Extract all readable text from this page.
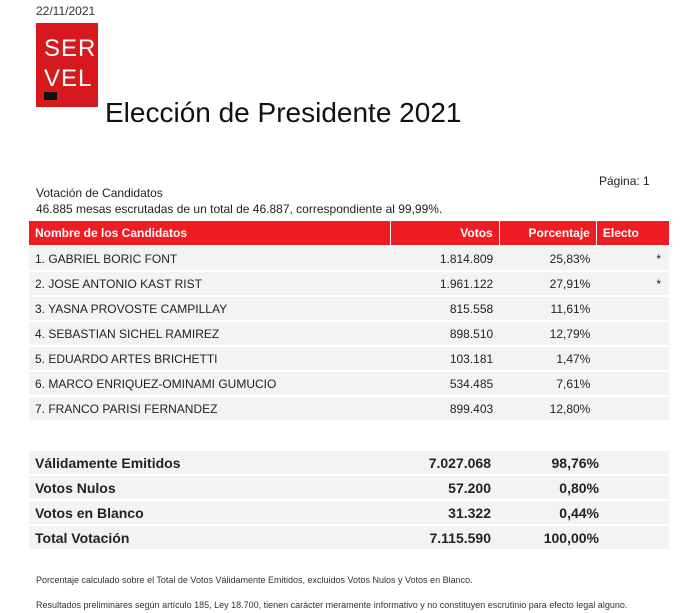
22/11/2021
SER
VEL
Elección de Presidente 2021
Página: 1
Votación de Candidatos
46.885 mesas escrutadas de un total de 46.887, correspondiente al 99,99%.
Nombre de los Candidatos	Votos	Porcentaje	Electo
1. GABRIEL BORIC FONT	1.814.809	25,83%	*
2. JOSE ANTONIO KAST RIST	1.961.122	27,91%	*
3. YASNA PROVOSTE CAMPILLAY	815.558	11,61%	
4. SEBASTIAN SICHEL RAMIREZ	898.510	12,79%	
5. EDUARDO ARTES BRICHETTI	103.181	1,47%	
6. MARCO ENRIQUEZ-OMINAMI GUMUCIO	534.485	7,61%	
7. FRANCO PARISI FERNANDEZ	899.403	12,80%	
Válidamente Emitidos	7.027.068	98,76%	
Votos Nulos	57.200	0,80%	
Votos en Blanco	31.322	0,44%	
Total Votación	7.115.590	100,00%	
Porcentaje calculado sobre el Total de Votos Válidamente Emitidos, excluidos Votos Nulos y Votos en Blanco.
Resultados preliminares según artículo 185, Ley 18.700, tienen carácter meramente informativo y no constituyen escrutinio para efecto legal alguno.
